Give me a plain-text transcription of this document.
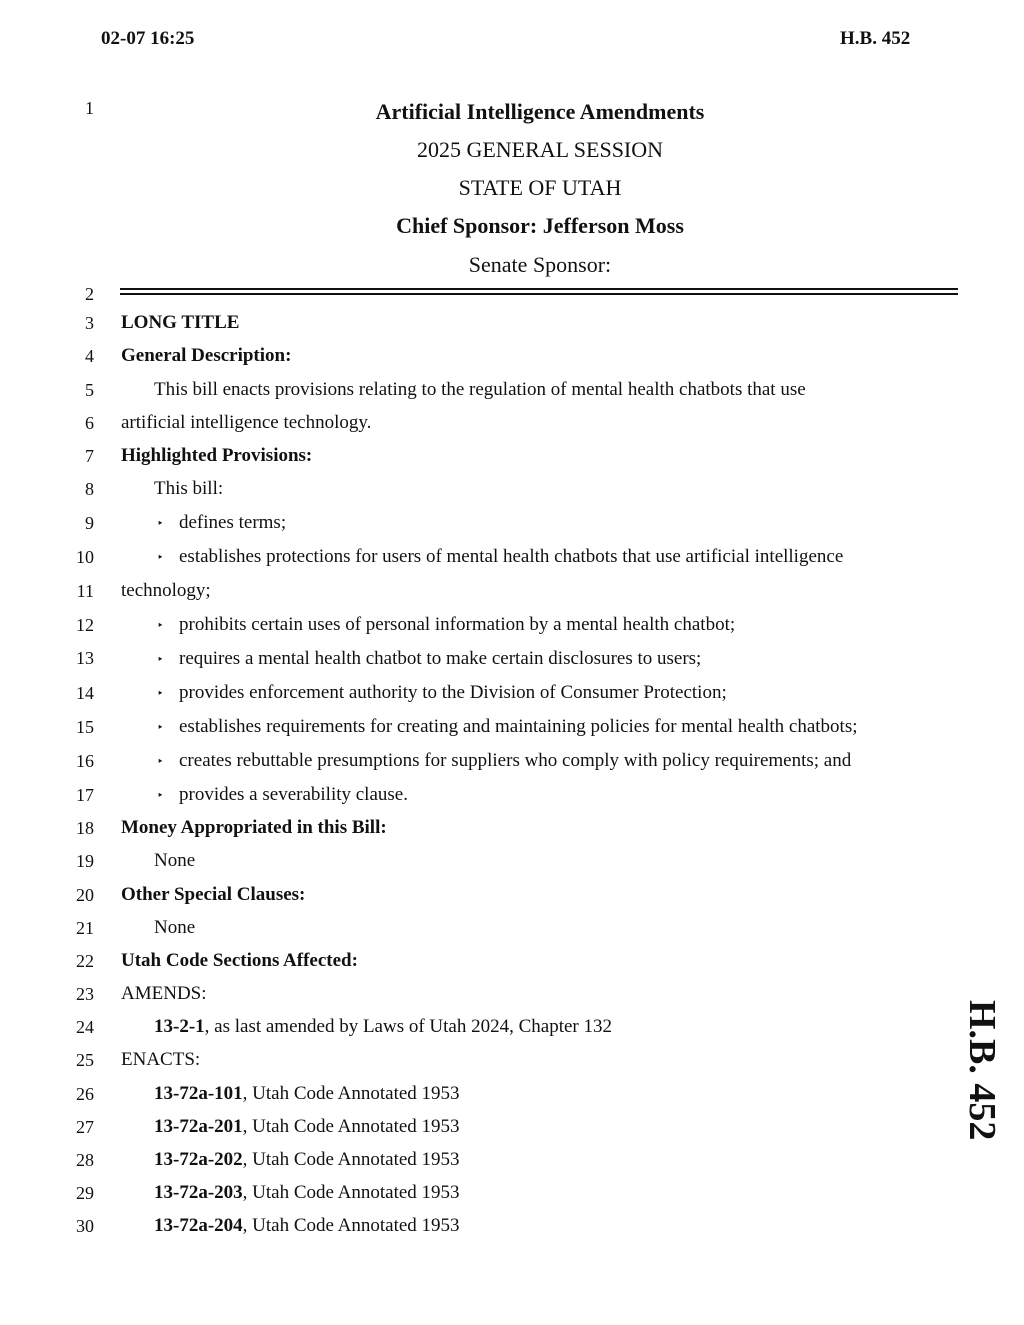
02-07 16:25	H.B. 452
1
2
3
4
5
6
7
8
9
10
11
12
13
14
15
16
17
18
19
20
21
22
23
24
25
26
27
28
29
30
Artificial Intelligence Amendments
2025 GENERAL SESSION
STATE OF UTAH
Chief Sponsor: Jefferson Moss
Senate Sponsor:
LONG TITLE
General Description:
This bill enacts provisions relating to the regulation of mental health chatbots that use
artificial intelligence technology.
Highlighted Provisions:
This bill:
‣ defines terms;
‣ establishes protections for users of mental health chatbots that use artificial intelligence
technology;
‣ prohibits certain uses of personal information by a mental health chatbot;
‣ requires a mental health chatbot to make certain disclosures to users;
‣ provides enforcement authority to the Division of Consumer Protection;
‣ establishes requirements for creating and maintaining policies for mental health chatbots;
‣ creates rebuttable presumptions for suppliers who comply with policy requirements; and
‣ provides a severability clause.
Money Appropriated in this Bill:
None
Other Special Clauses:
None
Utah Code Sections Affected:
AMENDS:
13-2-1, as last amended by Laws of Utah 2024, Chapter 132
ENACTS:
13-72a-101, Utah Code Annotated 1953
13-72a-201, Utah Code Annotated 1953
13-72a-202, Utah Code Annotated 1953
13-72a-203, Utah Code Annotated 1953
13-72a-204, Utah Code Annotated 1953
H.B. 452
